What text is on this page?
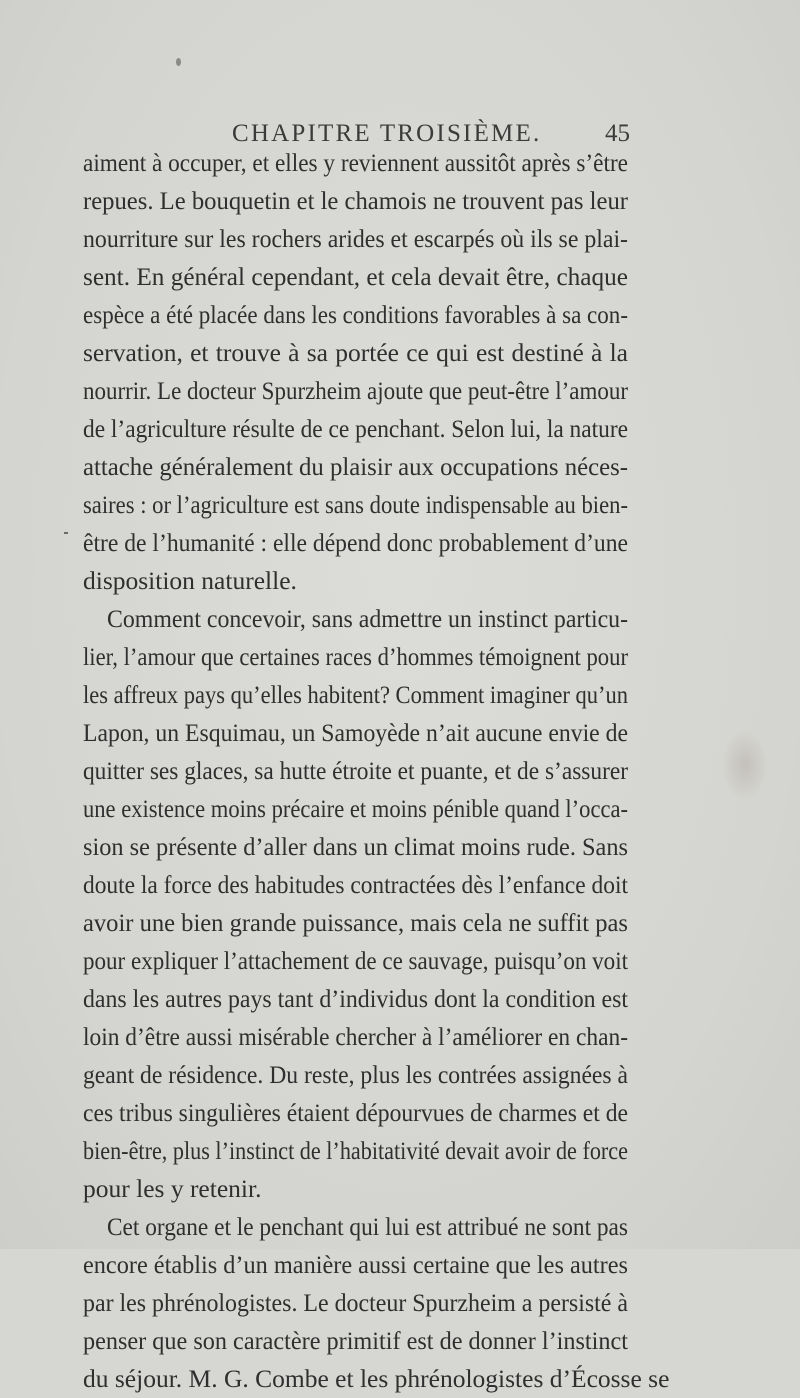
CHAPITRE TROISIÈME.	45
aiment à occuper, et elles y reviennent aussitôt après s’être
repues. Le bouquetin et le chamois ne trouvent pas leur
nourriture sur les rochers arides et escarpés où ils se plai-
sent. En général cependant, et cela devait être, chaque
espèce a été placée dans les conditions favorables à sa con-
servation, et trouve à sa portée ce qui est destiné à la
nourrir. Le docteur Spurzheim ajoute que peut-être l’amour
de l’agriculture résulte de ce penchant. Selon lui, la nature
attache généralement du plaisir aux occupations néces-
saires : or l’agriculture est sans doute indispensable au bien-
être de l’humanité : elle dépend donc probablement d’une
disposition naturelle.
Comment concevoir, sans admettre un instinct particu-
lier, l’amour que certaines races d’hommes témoignent pour
les affreux pays qu’elles habitent? Comment imaginer qu’un
Lapon, un Esquimau, un Samoyède n’ait aucune envie de
quitter ses glaces, sa hutte étroite et puante, et de s’assurer
une existence moins précaire et moins pénible quand l’occa-
sion se présente d’aller dans un climat moins rude. Sans
doute la force des habitudes contractées dès l’enfance doit
avoir une bien grande puissance, mais cela ne suffit pas
pour expliquer l’attachement de ce sauvage, puisqu’on voit
dans les autres pays tant d’individus dont la condition est
loin d’être aussi misérable chercher à l’améliorer en chan-
geant de résidence. Du reste, plus les contrées assignées à
ces tribus singulières étaient dépourvues de charmes et de
bien-être, plus l’instinct de l’habitativité devait avoir de force
pour les y retenir.
Cet organe et le penchant qui lui est attribué ne sont pas
encore établis d’un manière aussi certaine que les autres
par les phrénologistes. Le docteur Spurzheim a persisté à
penser que son caractère primitif est de donner l’instinct
du séjour. M. G. Combe et les phrénologistes d’Écosse se
